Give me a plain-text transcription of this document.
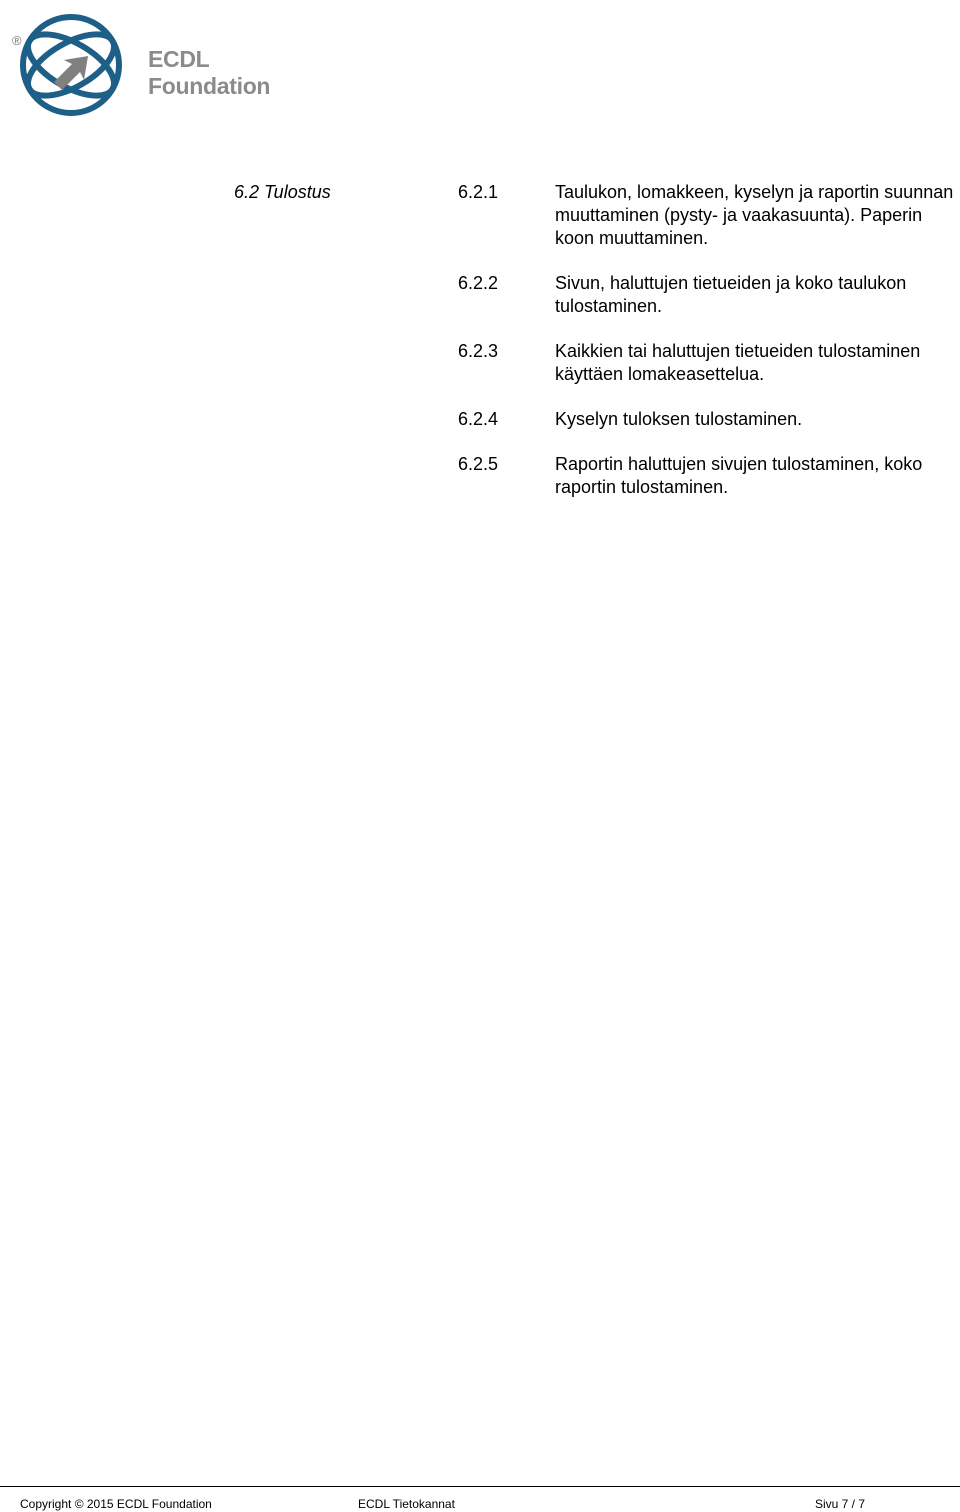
®
ECDL
Foundation
6.2 Tulostus	6.2.1	Taulukon, lomakkeen, kyselyn ja raportin suunnan muuttaminen (pysty- ja vaakasuunta). Paperin koon muuttaminen.
6.2.2	Sivun, haluttujen tietueiden ja koko taulukon tulostaminen.
6.2.3	Kaikkien tai haluttujen tietueiden tulostaminen käyttäen lomakeasettelua.
6.2.4	Kyselyn tuloksen tulostaminen.
6.2.5	Raportin haluttujen sivujen tulostaminen, koko raportin tulostaminen.
Copyright © 2015 ECDL Foundation	ECDL Tietokannat	Sivu 7 / 7
